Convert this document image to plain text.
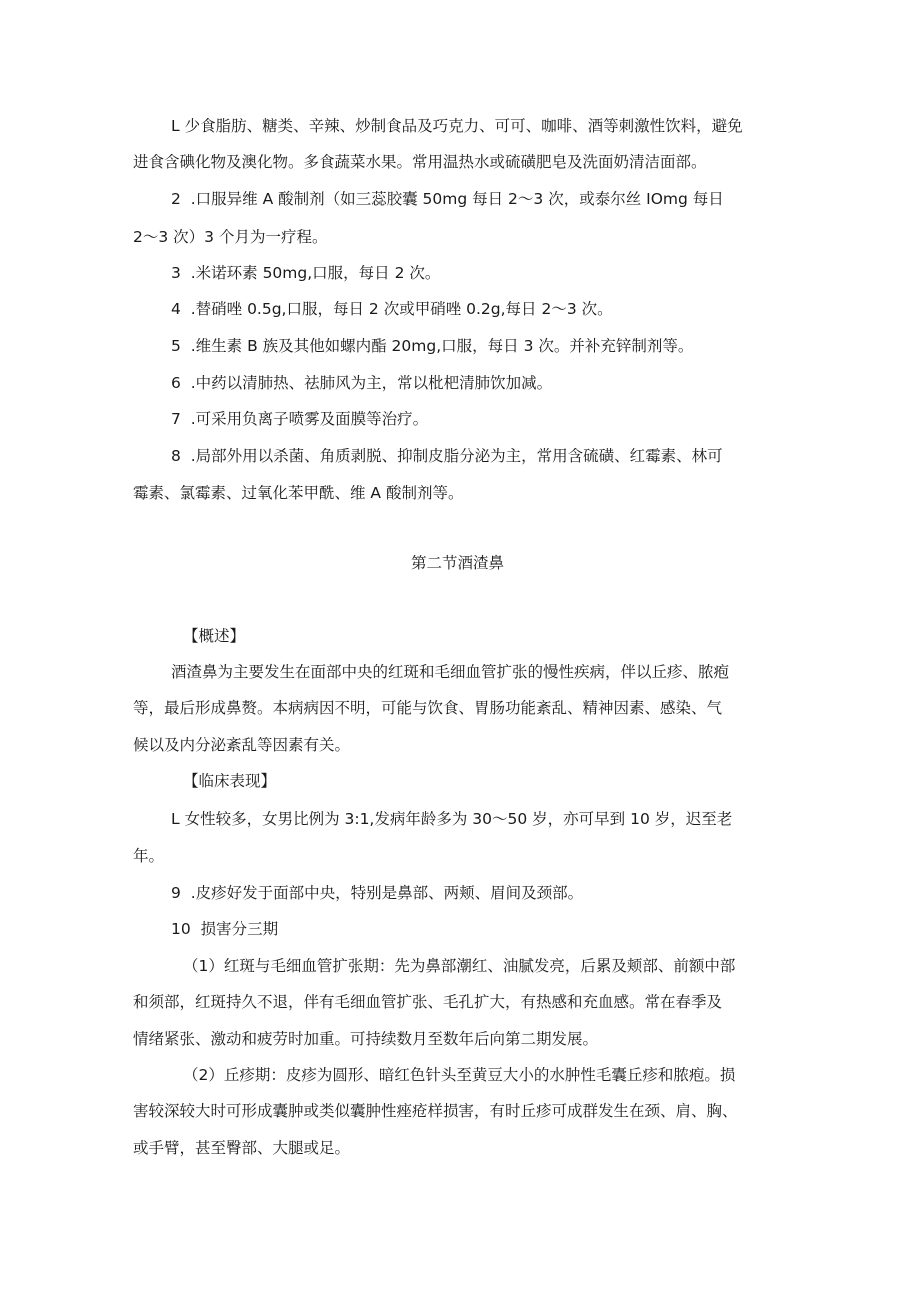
L 少食脂肪、糖类、辛辣、炒制食品及巧克力、可可、咖啡、酒等刺激性饮料，避免
进食含碘化物及澳化物。多食蔬菜水果。常用温热水或硫磺肥皂及洗面奶清洁面部。
2  .口服异维 A 酸制剂（如三蕊胶囊 50mg 每日 2～3 次，或泰尔丝 IOmg 每日
2～3 次）3 个月为一疗程。
3  .米诺环素 50mg,口服，每日 2 次。
4  .替硝唑 0.5g,口服，每日 2 次或甲硝唑 0.2g,每日 2～3 次。
5  .维生素 B 族及其他如螺内酯 20mg,口服，每日 3 次。并补充锌制剂等。
6  .中药以清肺热、祛肺风为主，常以枇杷清肺饮加减。
7  .可采用负离子喷雾及面膜等治疗。
8  .局部外用以杀菌、角质剥脱、抑制皮脂分泌为主，常用含硫磺、红霉素、林可
霉素、氯霉素、过氧化苯甲酰、维 A 酸制剂等。
第二节酒渣鼻
【概述】
酒渣鼻为主要发生在面部中央的红斑和毛细血管扩张的慢性疾病，伴以丘疹、脓疱
等，最后形成鼻赘。本病病因不明，可能与饮食、胃肠功能紊乱、精神因素、感染、气
候以及内分泌紊乱等因素有关。
【临床表现】
L 女性较多，女男比例为 3:1,发病年龄多为 30～50 岁，亦可早到 10 岁，迟至老
年。
9  .皮疹好发于面部中央，特别是鼻部、两颊、眉间及颈部。
10  损害分三期
（1）红斑与毛细血管扩张期：先为鼻部潮红、油腻发亮，后累及颊部、前额中部
和须部，红斑持久不退，伴有毛细血管扩张、毛孔扩大，有热感和充血感。常在春季及
情绪紧张、激动和疲劳时加重。可持续数月至数年后向第二期发展。
（2）丘疹期：皮疹为圆形、暗红色针头至黄豆大小的水肿性毛囊丘疹和脓疱。损
害较深较大时可形成囊肿或类似囊肿性痤疮样损害，有时丘疹可成群发生在颈、肩、胸、
或手臂，甚至臀部、大腿或足。
